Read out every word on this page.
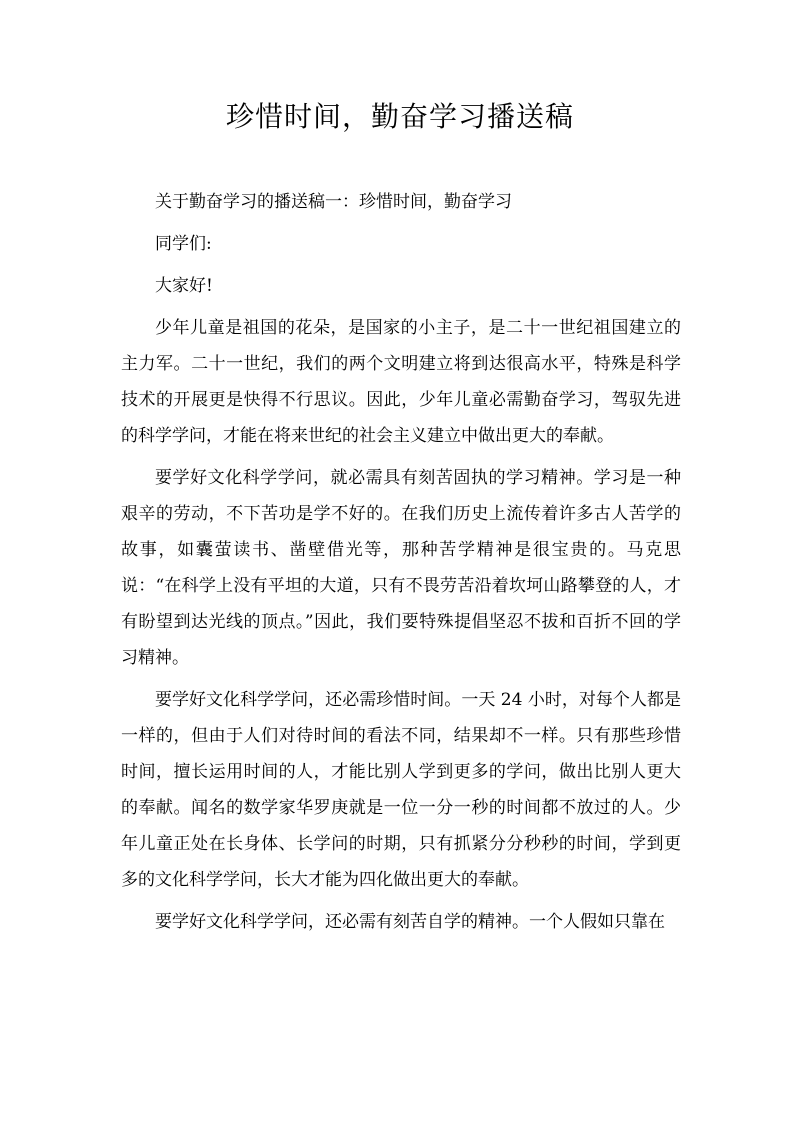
珍惜时间，勤奋学习播送稿

关于勤奋学习的播送稿一：珍惜时间，勤奋学习

同学们:

大家好!

少年儿童是祖国的花朵，是国家的小主子，是二十一世纪祖国建立的主力军。二十一世纪，我们的两个文明建立将到达很高水平，特殊是科学技术的开展更是快得不行思议。因此，少年儿童必需勤奋学习，驾驭先进的科学学问，才能在将来世纪的社会主义建立中做出更大的奉献。

要学好文化科学学问，就必需具有刻苦固执的学习精神。学习是一种艰辛的劳动，不下苦功是学不好的。在我们历史上流传着许多古人苦学的故事，如囊萤读书、凿壁借光等，那种苦学精神是很宝贵的。马克思说：“在科学上没有平坦的大道，只有不畏劳苦沿着坎坷山路攀登的人，才有盼望到达光线的顶点。”因此，我们要特殊提倡坚忍不拔和百折不回的学习精神。

要学好文化科学学问，还必需珍惜时间。一天 24 小时，对每个人都是一样的，但由于人们对待时间的看法不同，结果却不一样。只有那些珍惜时间，擅长运用时间的人，才能比别人学到更多的学问，做出比别人更大的奉献。闻名的数学家华罗庚就是一位一分一秒的时间都不放过的人。少年儿童正处在长身体、长学问的时期，只有抓紧分分秒秒的时间，学到更多的文化科学学问，长大才能为四化做出更大的奉献。

要学好文化科学学问，还必需有刻苦自学的精神。一个人假如只靠在
